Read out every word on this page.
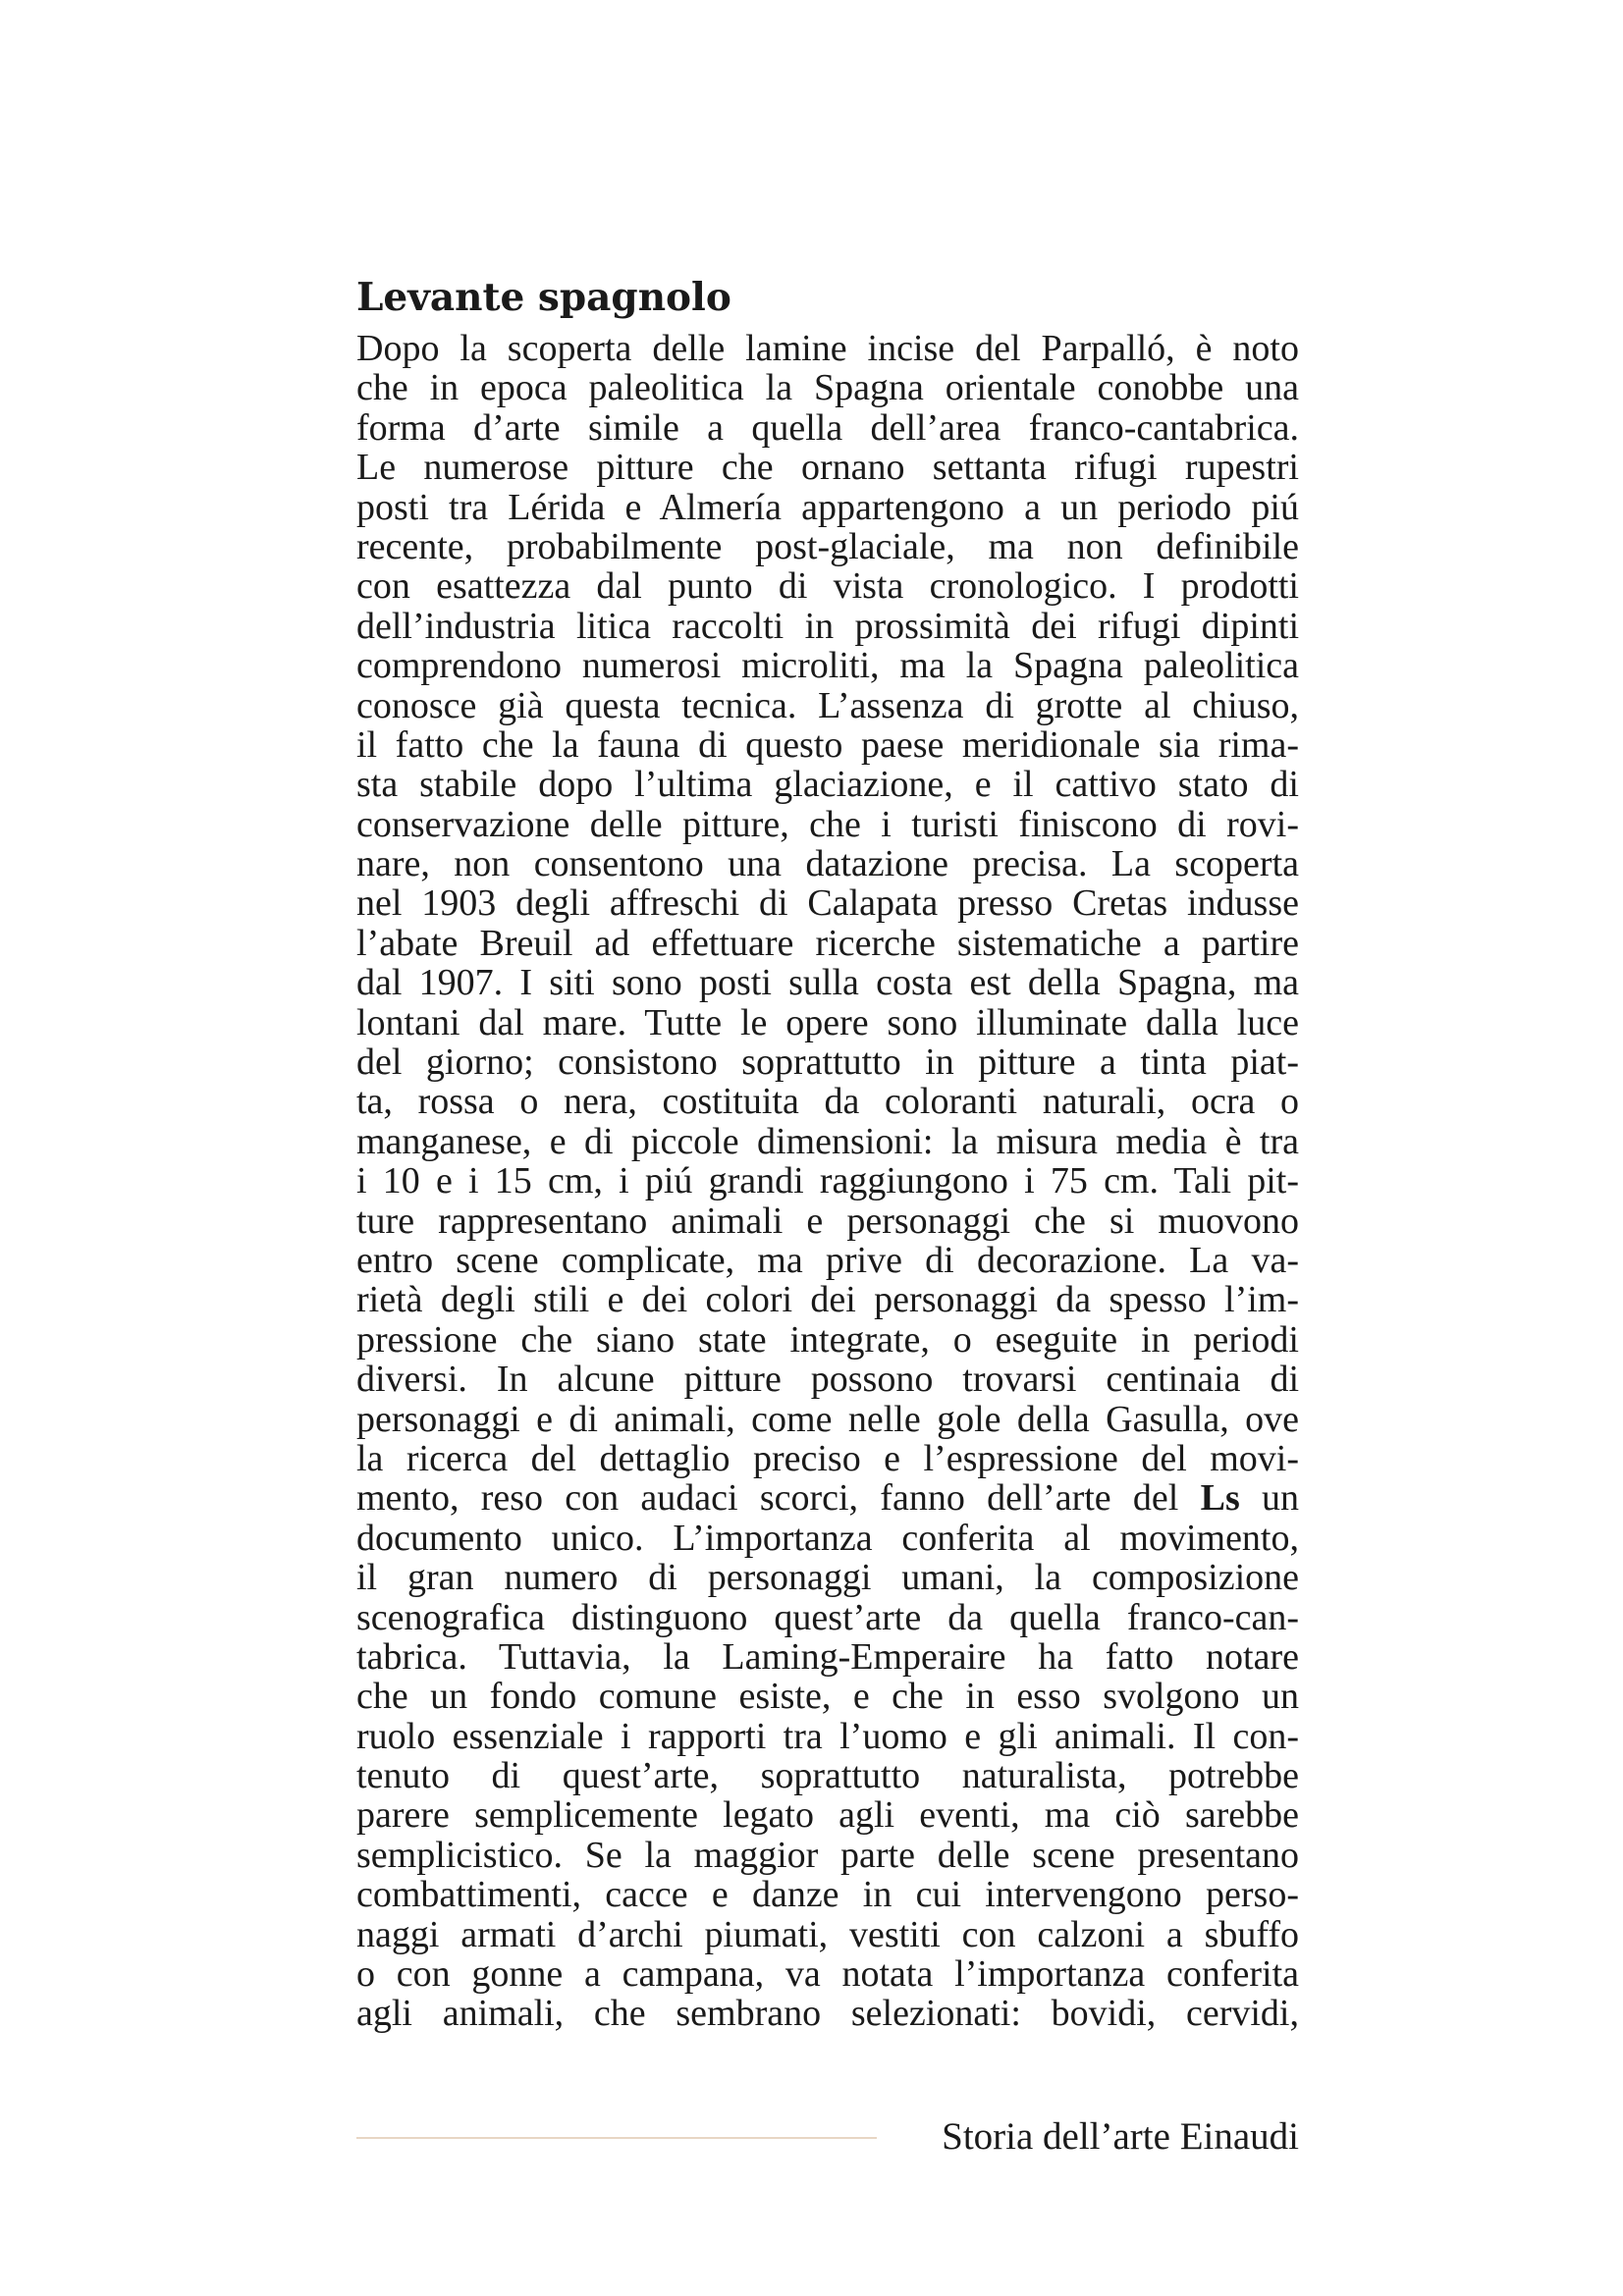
Levante spagnolo
Dopo la scoperta delle lamine incise del Parpalló, è noto
che in epoca paleolitica la Spagna orientale conobbe una
forma d’arte simile a quella dell’area franco-cantabrica.
Le numerose pitture che ornano settanta rifugi rupestri
posti tra Lérida e Almería appartengono a un periodo piú
recente, probabilmente post-glaciale, ma non definibile
con esattezza dal punto di vista cronologico. I prodotti
dell’industria litica raccolti in prossimità dei rifugi dipinti
comprendono numerosi microliti, ma la Spagna paleolitica
conosce già questa tecnica. L’assenza di grotte al chiuso,
il fatto che la fauna di questo paese meridionale sia rima-
sta stabile dopo l’ultima glaciazione, e il cattivo stato di
conservazione delle pitture, che i turisti finiscono di rovi-
nare, non consentono una datazione precisa. La scoperta
nel 1903 degli affreschi di Calapata presso Cretas indusse
l’abate Breuil ad effettuare ricerche sistematiche a partire
dal 1907. I siti sono posti sulla costa est della Spagna, ma
lontani dal mare. Tutte le opere sono illuminate dalla luce
del giorno; consistono soprattutto in pitture a tinta piat-
ta, rossa o nera, costituita da coloranti naturali, ocra o
manganese, e di piccole dimensioni: la misura media è tra
i 10 e i 15 cm, i piú grandi raggiungono i 75 cm. Tali pit-
ture rappresentano animali e personaggi che si muovono
entro scene complicate, ma prive di decorazione. La va-
rietà degli stili e dei colori dei personaggi da spesso l’im-
pressione che siano state integrate, o eseguite in periodi
diversi. In alcune pitture possono trovarsi centinaia di
personaggi e di animali, come nelle gole della Gasulla, ove
la ricerca del dettaglio preciso e l’espressione del movi-
mento, reso con audaci scorci, fanno dell’arte del Ls un
documento unico. L’importanza conferita al movimento,
il gran numero di personaggi umani, la composizione
scenografica distinguono quest’arte da quella franco-can-
tabrica. Tuttavia, la Laming-Emperaire ha fatto notare
che un fondo comune esiste, e che in esso svolgono un
ruolo essenziale i rapporti tra l’uomo e gli animali. Il con-
tenuto di quest’arte, soprattutto naturalista, potrebbe
parere semplicemente legato agli eventi, ma ciò sarebbe
semplicistico. Se la maggior parte delle scene presentano
combattimenti, cacce e danze in cui intervengono perso-
naggi armati d’archi piumati, vestiti con calzoni a sbuffo
o con gonne a campana, va notata l’importanza conferita
agli animali, che sembrano selezionati: bovidi, cervidi,

Storia dell’arte Einaudi
